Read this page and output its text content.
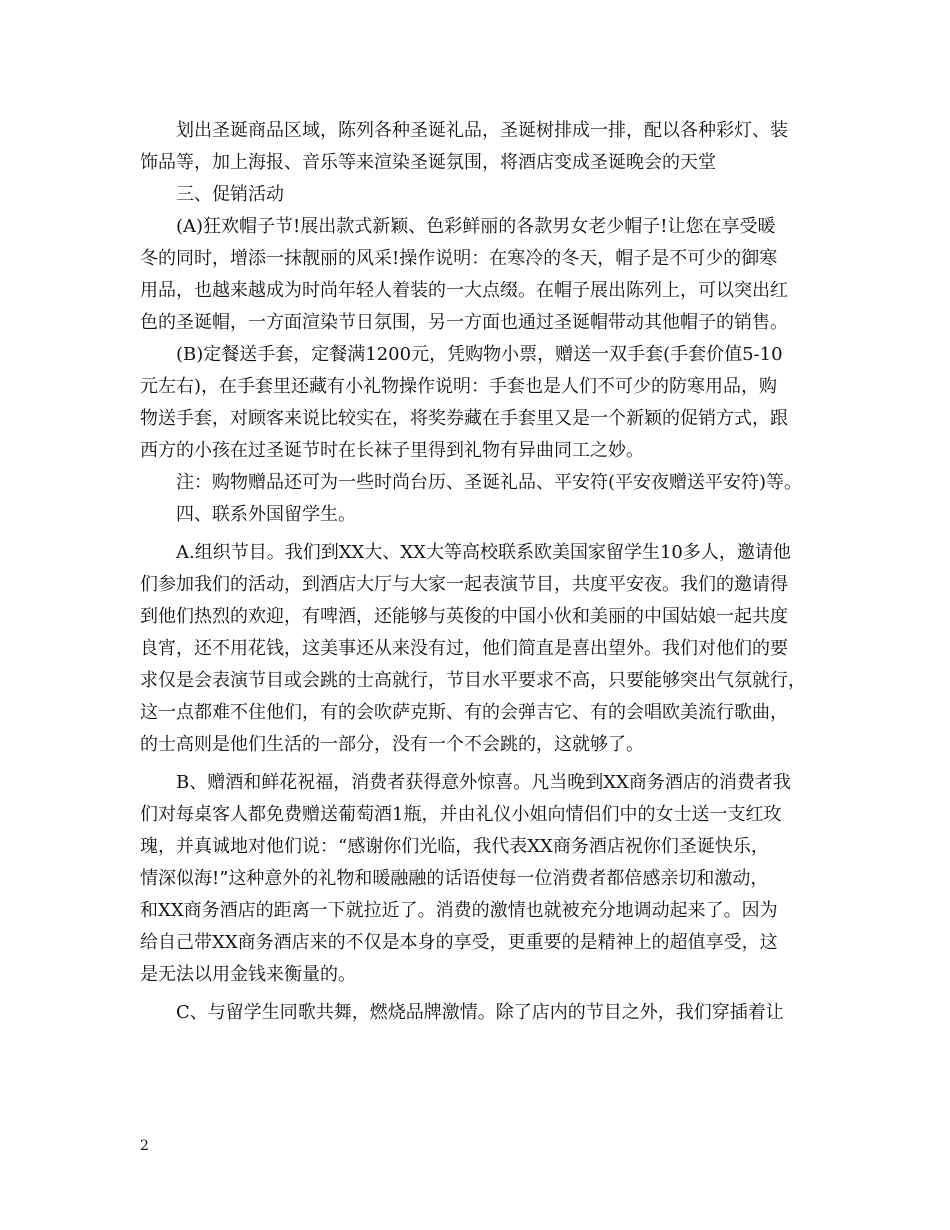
划出圣诞商品区域，陈列各种圣诞礼品，圣诞树排成一排，配以各种彩灯、装
饰品等，加上海报、音乐等来渲染圣诞氛围，将酒店变成圣诞晚会的天堂
三、促销活动
(A)狂欢帽子节!展出款式新颖、色彩鲜丽的各款男女老少帽子!让您在享受暖
冬的同时，增添一抹靓丽的风采!操作说明：在寒冷的冬天，帽子是不可少的御寒
用品，也越来越成为时尚年轻人着装的一大点缀。在帽子展出陈列上，可以突出红
色的圣诞帽，一方面渲染节日氛围，另一方面也通过圣诞帽带动其他帽子的销售。
(B)定餐送手套，定餐满1200元，凭购物小票，赠送一双手套(手套价值5-10
元左右)，在手套里还藏有小礼物操作说明：手套也是人们不可少的防寒用品，购
物送手套，对顾客来说比较实在，将奖券藏在手套里又是一个新颖的促销方式，跟
西方的小孩在过圣诞节时在长袜子里得到礼物有异曲同工之妙。
注：购物赠品还可为一些时尚台历、圣诞礼品、平安符(平安夜赠送平安符)等。
四、联系外国留学生。
A.组织节目。我们到XX大、XX大等高校联系欧美国家留学生10多人，邀请他
们参加我们的活动，到酒店大厅与大家一起表演节目，共度平安夜。我们的邀请得
到他们热烈的欢迎，有啤酒，还能够与英俊的中国小伙和美丽的中国姑娘一起共度
良宵，还不用花钱，这美事还从来没有过，他们简直是喜出望外。我们对他们的要
求仅是会表演节目或会跳的士高就行，节目水平要求不高，只要能够突出气氛就行，
这一点都难不住他们，有的会吹萨克斯、有的会弹吉它、有的会唱欧美流行歌曲，
的士高则是他们生活的一部分，没有一个不会跳的，这就够了。
B、赠酒和鲜花祝福，消费者获得意外惊喜。凡当晚到XX商务酒店的消费者我
们对每桌客人都免费赠送葡萄酒1瓶，并由礼仪小姐向情侣们中的女士送一支红玫
瑰，并真诚地对他们说：“感谢你们光临，我代表XX商务酒店祝你们圣诞快乐，
情深似海!”这种意外的礼物和暖融融的话语使每一位消费者都倍感亲切和激动，
和XX商务酒店的距离一下就拉近了。消费的激情也就被充分地调动起来了。因为
给自己带XX商务酒店来的不仅是本身的享受，更重要的是精神上的超值享受，这
是无法以用金钱来衡量的。
C、与留学生同歌共舞，燃烧品牌激情。除了店内的节目之外，我们穿插着让
2
